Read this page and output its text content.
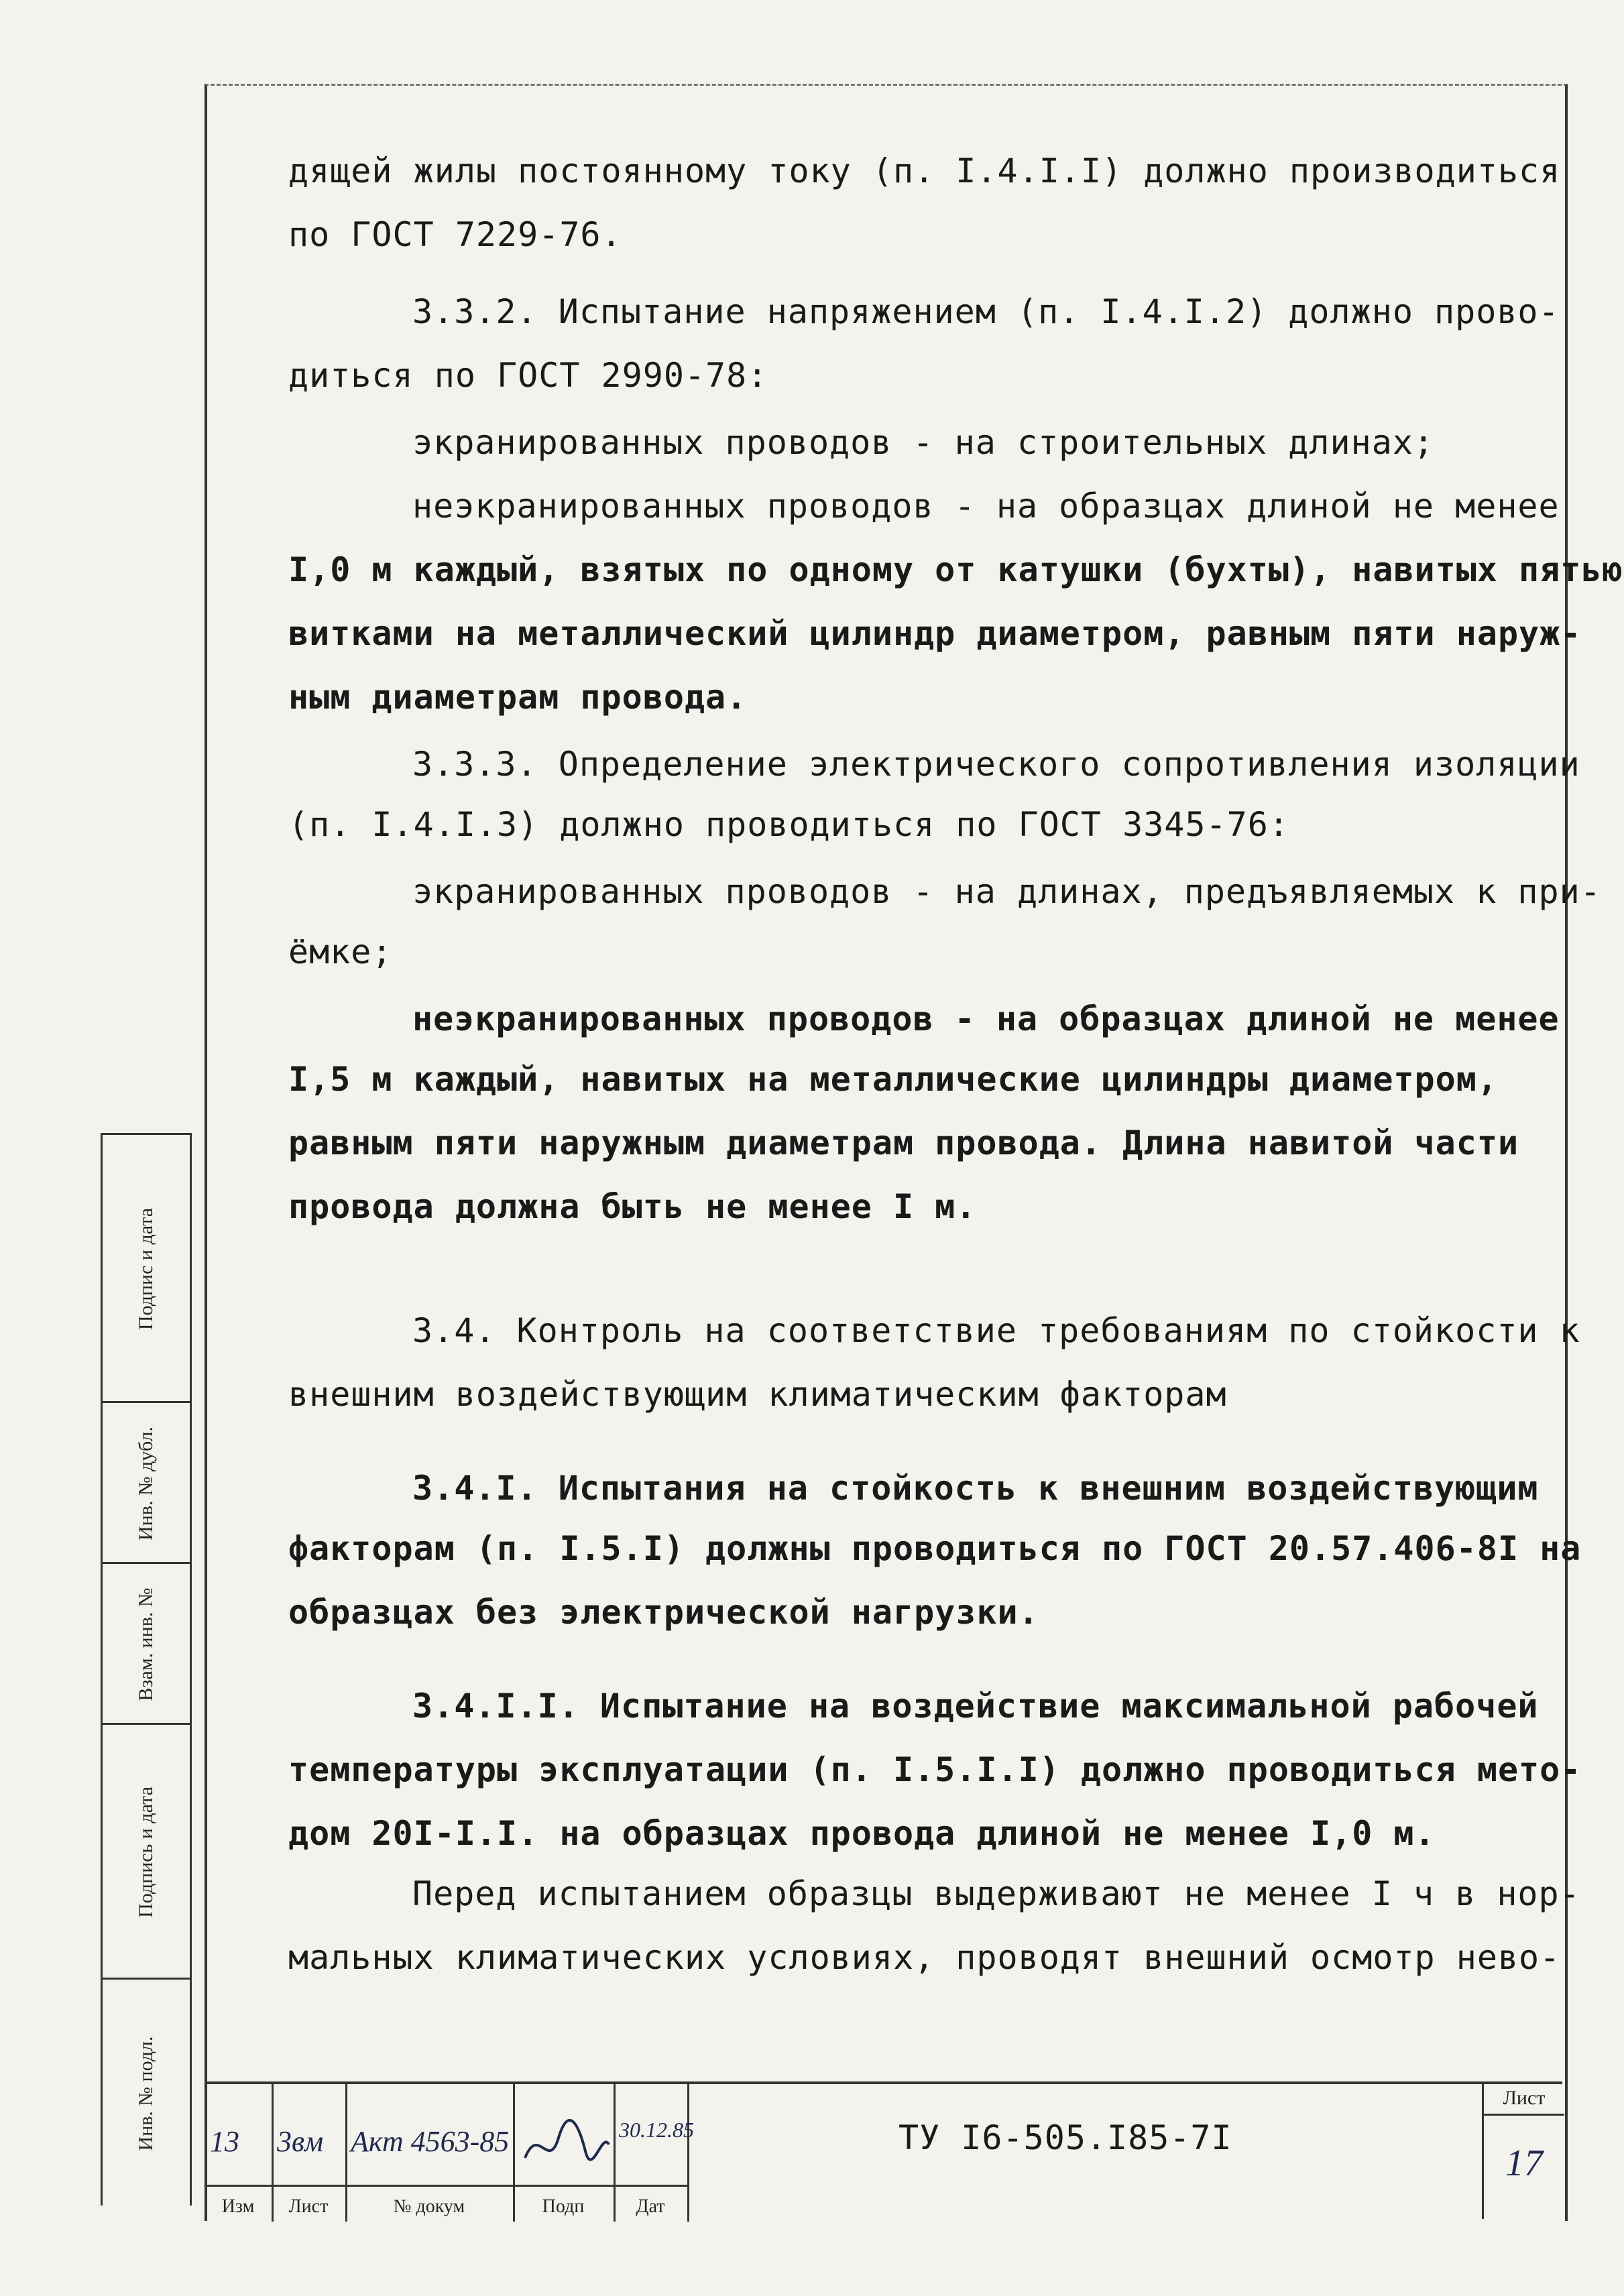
дящей жилы постоянному току (п. I.4.I.I) должно производиться
по ГОСТ 7229-76.
3.3.2. Испытание напряжением (п. I.4.I.2) должно прово-
диться по ГОСТ 2990-78:
экранированных проводов - на строительных длинах;
неэкранированных проводов - на образцах длиной не менее
I,0 м каждый, взятых по одному от катушки (бухты), навитых пятью
витками на металлический цилиндр диаметром, равным пяти наруж-
ным диаметрам провода.
3.3.3. Определение электрического сопротивления изоляции
(п. I.4.I.3) должно проводиться по ГОСТ 3345-76:
экранированных проводов - на длинах, предъявляемых к при-
ёмке;
неэкранированных проводов - на образцах длиной не менее
I,5 м каждый, навитых на металлические цилиндры диаметром,
равным пяти наружным диаметрам провода. Длина навитой части
провода должна быть не менее I м.
3.4. Контроль на соответствие требованиям по стойкости к
внешним воздействующим климатическим факторам
3.4.I. Испытания на стойкость к внешним воздействующим
факторам (п. I.5.I) должны проводиться по ГОСТ 20.57.406-8I на
образцах без электрической нагрузки.
3.4.I.I. Испытание на воздействие максимальной рабочей
температуры эксплуатации (п. I.5.I.I) должно проводиться мето-
дом 20I-I.I. на образцах провода длиной не менее I,0 м.
Перед испытанием образцы выдерживают не менее I ч в нор-
мальных климатических условиях, проводят внешний осмотр нево-
Подпис и дата
Инв. № дубл.
Взам. инв. №
Подпись и дата
Инв. № подл. 13
Изм
3вм
Лист
Акт 4563-85
№ докум	Подп
30.12.85
Дат
ТУ I6-505.I85-7I
Лист
17
